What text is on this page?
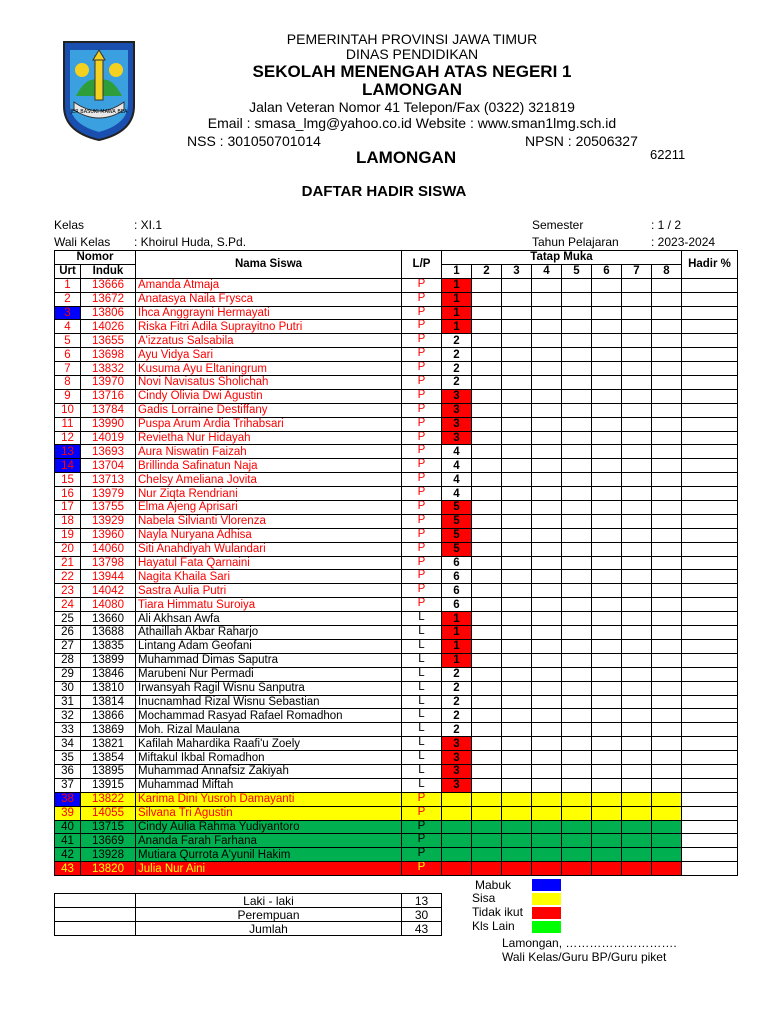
JER BASUKI MAWA BEA
PEMERINTAH PROVINSI JAWA TIMUR
DINAS PENDIDIKAN
SEKOLAH MENENGAH ATAS NEGERI 1
LAMONGAN
Jalan Veteran Nomor 41 Telepon/Fax (0322) 321819
Email : smasa_lmg@yahoo.co.id Website : www.sman1lmg.sch.id
NSS : 301050701014	NPSN : 20506327
LAMONGAN	62211
DAFTAR HADIR SISWA
Kelas	: XI.1
Wali Kelas : Khoirul Huda, S.Pd.
Semester	: 1 / 2
Tahun Pelajaran	: 2023-2024
Nomor		Nama Siswa	L/P	Tatap Muka								Hadir %
Urt	Induk			1	2	3	4	5	6	7	8	
1	13666	Amanda Atmaja	P	1								
2	13672	Anatasya Naila Fryscа	P	1								
3	13806	Ihca Anggrayni Hermayati	P	1								
4	14026	Riska Fitri Adila Suprayitno Putri	P	1								
5	13655	A'izzatus Salsabila	P	2								
6	13698	Ayu Vidya Sari	P	2								
7	13832	Kusuma Ayu Eltaningrum	P	2								
8	13970	Novi Navisatus Sholichah	P	2								
9	13716	Cindy Olivia Dwi Agustin	P	3								
10	13784	Gadis Lorraine Destiffany	P	3								
11	13990	Puspa Arum Ardia Trihabsari	P	3								
12	14019	Revietha Nur Hidayah	P	3								
13	13693	Aura Niswatin Faizah	P	4								
14	13704	Brillinda Safinatun Naja	P	4								
15	13713	Chelsy Ameliana Jovita	P	4								
16	13979	Nur Ziqta Rendriani	P	4								
17	13755	Elma Ajeng Aprisari	P	5								
18	13929	Nabela Silvianti Vlorenza	P	5								
19	13960	Nayla Nuryana Adhisa	P	5								
20	14060	Siti Anahdiyah Wulandari	P	5								
21	13798	Hayatul Fata Qarnaini	P	6								
22	13944	Nagita Khaila Sari	P	6								
23	14042	Sastra Aulia Putri	P	6								
24	14080	Tiara Himmatu Suroiya	P	6								
25	13660	Ali Akhsan Awfa	L	1								
26	13688	Athaillah Akbar Raharjo	L	1								
27	13835	Lintang Adam Geofani	L	1								
28	13899	Muhammad Dimas Saputra	L	1								
29	13846	Marubeni Nur Permadi	L	2								
30	13810	Irwansyah Ragil Wisnu Sanputra	L	2								
31	13814	Inucnamhad Rizal Wisnu Sebastian	L	2								
32	13866	Mochammad Rasyad Rafael Romadhon	L	2								
33	13869	Moh. Rizal Maulana	L	2								
34	13821	Kafilah Mahardika Raafi'u Zoely	L	3								
35	13854	Miftakul Ikbal Romadhon	L	3								
36	13895	Muhammad Annafsiz Zakiyah	L	3								
37	13915	Muhammad Miftah	L	3								
38	13822	Karima Dini Yusroh Damayanti	P									
39	14055	Silvana Tri Agustin	P									
40	13715	Cindy Aulia Rahma Yudiyantoro	P									
41	13669	Ananda Farah Farhana	P									
42	13928	Mutiara Qurrota A'yunil Hakim	P									
43	13820	Julia Nur Aini	P									
	Laki - laki	13
	Perempuan	30
	Jumlah	43
Mabuk
Sisa
Tidak ikut
Kls Lain
Lamongan, ……………………….
Wali Kelas/Guru BP/Guru piket
